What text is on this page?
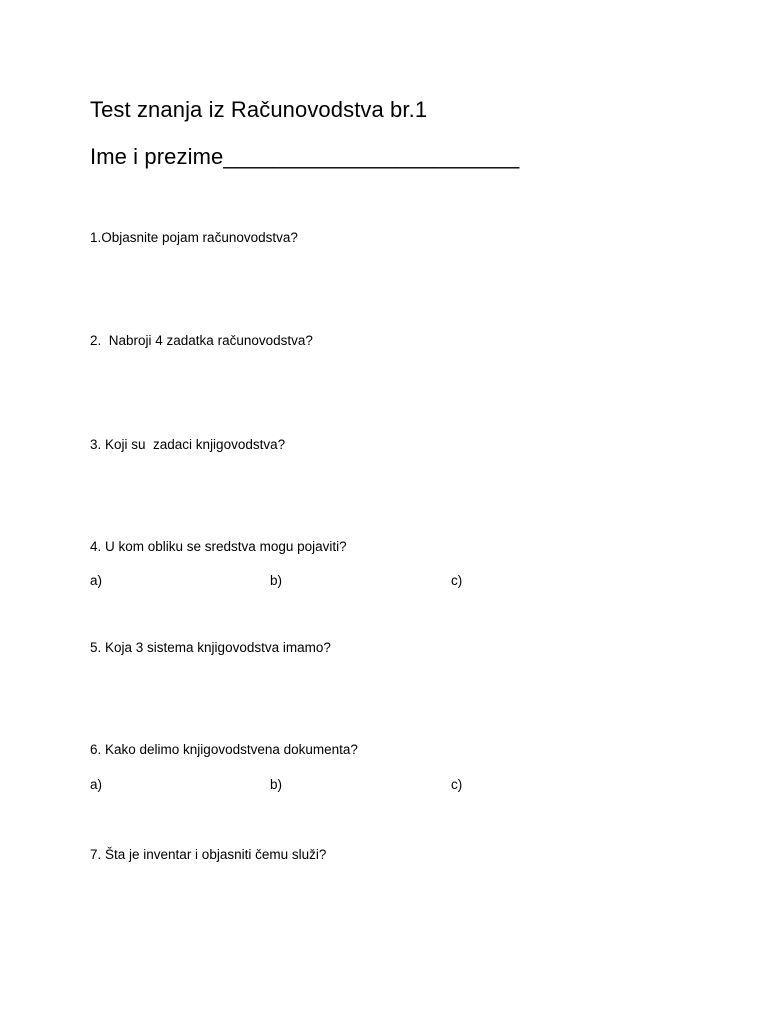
Test znanja iz Računovodstva br.1
Ime i prezime________________________
1.Objasnite pojam računovodstva?
2.  Nabroji 4 zadatka računovodstva?
3. Koji su  zadaci knjigovodstva?
4. U kom obliku se sredstva mogu pojaviti?
a)	b)	c)
5. Koja 3 sistema knjigovodstva imamo?
6. Kako delimo knjigovodstvena dokumenta?
a)	b)	c)
7. Šta je inventar i objasniti čemu služi?
